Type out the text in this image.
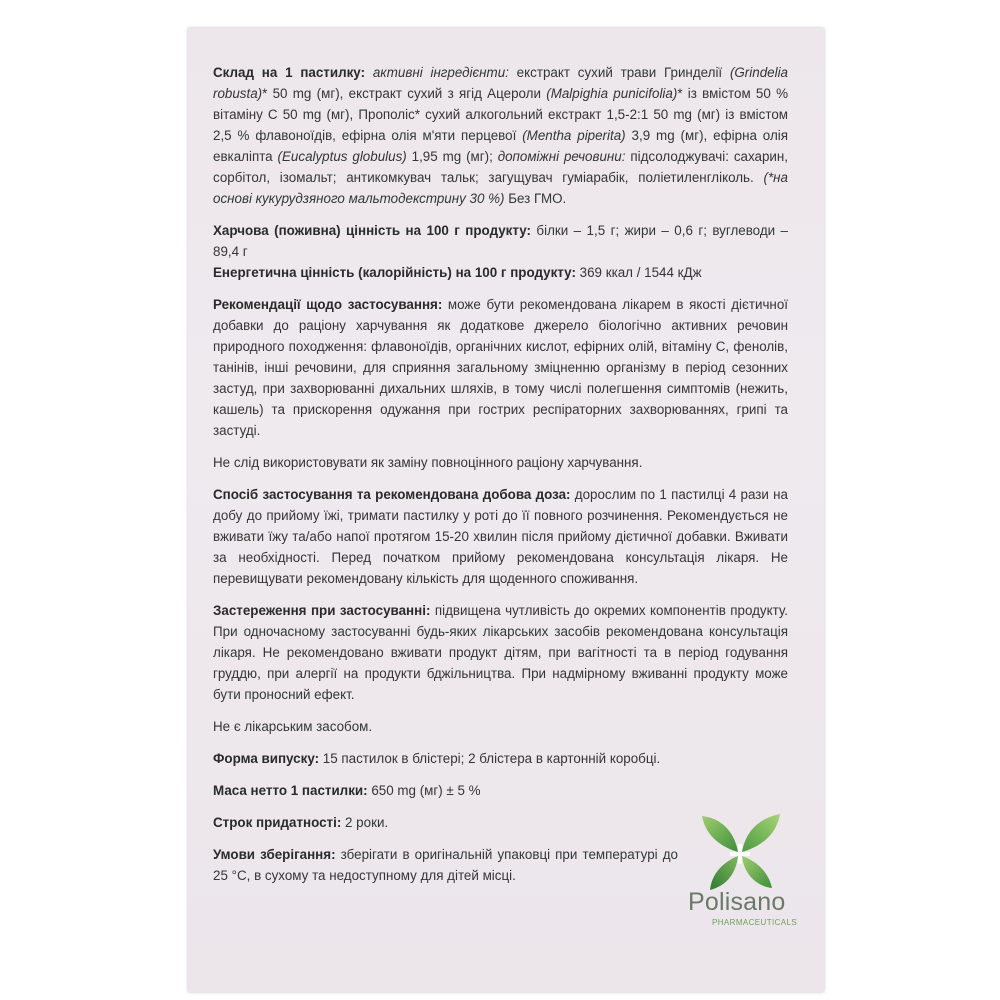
Склад на 1 пастилку: активні інгредієнти: екстракт сухий трави Гринделії (Grindelia robusta)* 50 mg (мг), екстракт сухий з ягід Ацероли (Malpighia punicifolia)* із вмістом 50 % вітаміну С 50 mg (мг), Прополіс* сухий алкогольний екстракт 1,5-2:1 50 mg (мг) із вмістом 2,5 % флавоноїдів, ефірна олія м'яти перцевої (Mentha piperita) 3,9 mg (мг), ефірна олія евкаліпта (Eucalyptus globulus) 1,95 mg (мг); допоміжні речовини: підсолоджувачі: сахарин, сорбітол, ізомальт; антикомкувач тальк; загущувач гуміарабік, поліетиленгліколь. (*на основі кукурудзяного мальтодекстрину 30 %) Без ГМО.

Харчова (поживна) цінність на 100 г продукту: білки – 1,5 г; жири – 0,6 г; вуглеводи – 89,4 г

Енергетична цінність (калорійність) на 100 г продукту: 369 ккал / 1544 кДж

Рекомендації щодо застосування: може бути рекомендована лікарем в якості дієтичної добавки до раціону харчування як додаткове джерело біологічно активних речовин природного походження: флавоноїдів, органічних кислот, ефірних олій, вітаміну С, фенолів, танінів, інші речовини, для сприяння загальному зміцненню організму в період сезонних застуд, при захворюванні дихальних шляхів, в тому числі полегшення симптомів (нежить, кашель) та прискорення одужання при гострих респіраторних захворюваннях, грипі та застуді.

Не слід використовувати як заміну повноцінного раціону харчування.

Спосіб застосування та рекомендована добова доза: дорослим по 1 пастилці 4 рази на добу до прийому їжі, тримати пастилку у роті до її повного розчинення. Рекомендується не вживати їжу та/або напої протягом 15-20 хвилин після прийому дієтичної добавки. Вживати за необхідності. Перед початком прийому рекомендована консультація лікаря. Не перевищувати рекомендовану кількість для щоденного споживання.

Застереження при застосуванні: підвищена чутливість до окремих компонентів продукту. При одночасному застосуванні будь-яких лікарських засобів рекомендована консультація лікаря. Не рекомендовано вживати продукт дітям, при вагітності та в період годування груддю, при алергії на продукти бджільництва. При надмірному вживанні продукту може бути проносний ефект.

Не є лікарським засобом.

Форма випуску: 15 пастилок в блістері; 2 блістера в картонній коробці.

Маса нетто 1 пастилки: 650 mg (мг) ± 5 %

Строк придатності: 2 роки.

Умови зберігання: зберігати в оригінальній упаковці при температурі до 25 °С, в сухому та недоступному для дітей місці.

Polisano
PHARMACEUTICALS
